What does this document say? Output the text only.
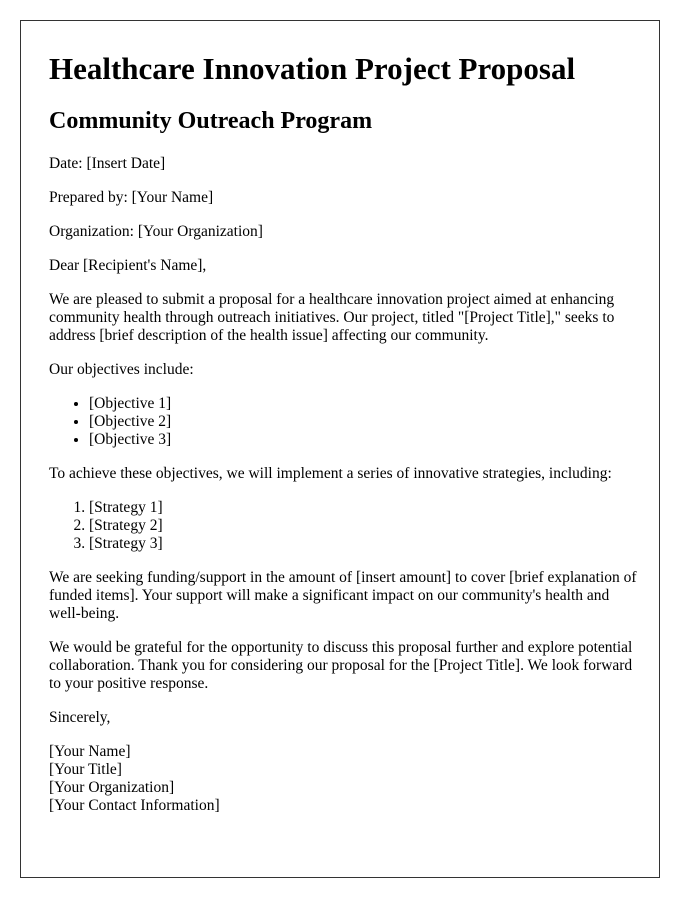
Healthcare Innovation Project Proposal
Community Outreach Program

Date: [Insert Date]

Prepared by: [Your Name]

Organization: [Your Organization]

Dear [Recipient's Name],

We are pleased to submit a proposal for a healthcare innovation project aimed at enhancing community health through outreach initiatives. Our project, titled "[Project Title]," seeks to address [brief description of the health issue] affecting our community.

Our objectives include:

• [Objective 1]
• [Objective 2]
• [Objective 3]

To achieve these objectives, we will implement a series of innovative strategies, including:

1. [Strategy 1]
2. [Strategy 2]
3. [Strategy 3]

We are seeking funding/support in the amount of [insert amount] to cover [brief explanation of funded items]. Your support will make a significant impact on our community's health and well-being.

We would be grateful for the opportunity to discuss this proposal further and explore potential collaboration. Thank you for considering our proposal for the [Project Title]. We look forward to your positive response.

Sincerely,

[Your Name]
[Your Title]
[Your Organization]
[Your Contact Information]
